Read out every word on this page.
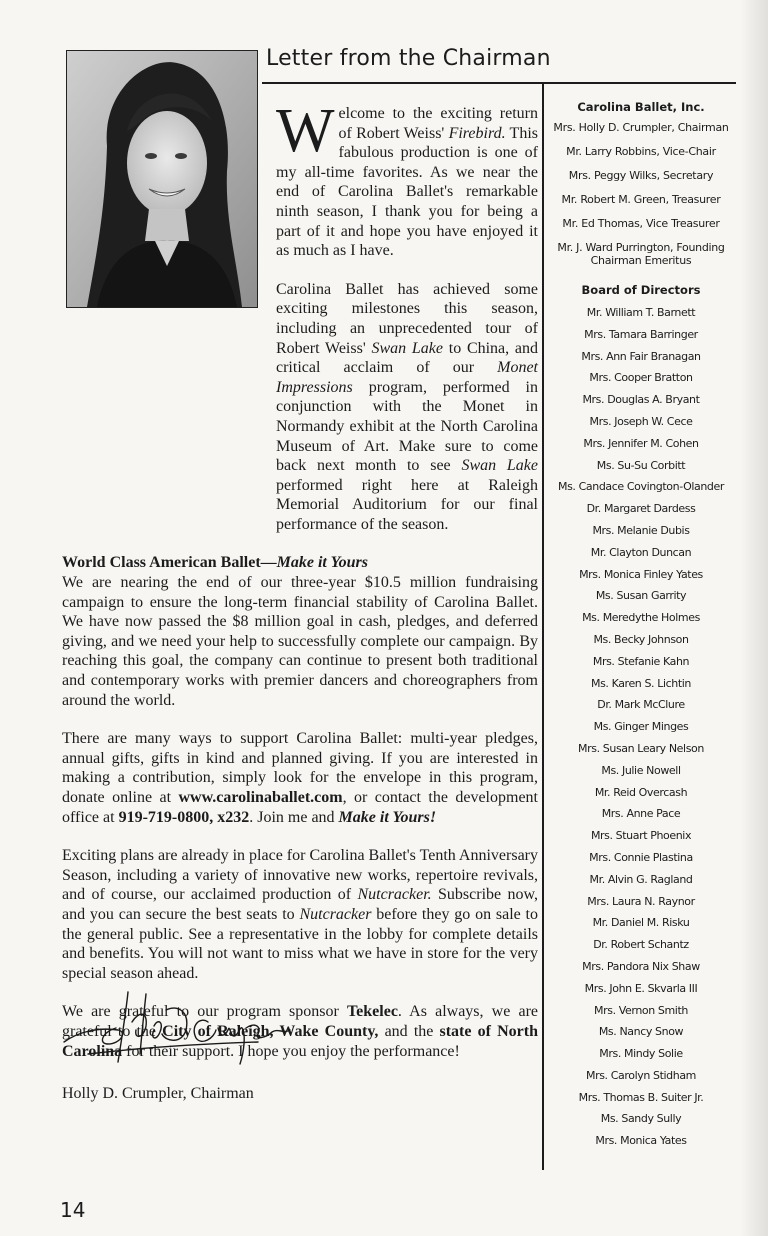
Letter from the Chairman

Welcome to the exciting return of Robert Weiss' Firebird. This fabulous production is one of my all-time favorites. As we near the end of Carolina Ballet's remarkable ninth season, I thank you for being a part of it and hope you have enjoyed it as much as I have.

Carolina Ballet has achieved some exciting milestones this season, including an unprecedented tour of Robert Weiss' Swan Lake to China, and critical acclaim of our Monet Impressions program, performed in conjunction with the Monet in Normandy exhibit at the North Carolina Museum of Art. Make sure to come back next month to see Swan Lake performed right here at Raleigh Memorial Auditorium for our final performance of the season.

World Class American Ballet—Make it Yours

We are nearing the end of our three-year $10.5 million fundraising campaign to ensure the long-term financial stability of Carolina Ballet. We have now passed the $8 million goal in cash, pledges, and deferred giving, and we need your help to successfully complete our campaign. By reaching this goal, the company can continue to present both traditional and contemporary works with premier dancers and choreographers from around the world.

There are many ways to support Carolina Ballet: multi-year pledges, annual gifts, gifts in kind and planned giving. If you are interested in making a contribution, simply look for the envelope in this program, donate online at www.carolinaballet.com, or contact the development office at 919-719-0800, x232. Join me and Make it Yours!

Exciting plans are already in place for Carolina Ballet's Tenth Anniversary Season, including a variety of innovative new works, repertoire revivals, and of course, our acclaimed production of Nutcracker. Subscribe now, and you can secure the best seats to Nutcracker before they go on sale to the general public. See a representative in the lobby for complete details and benefits. You will not want to miss what we have in store for the very special season ahead.

We are grateful to our program sponsor Tekelec. As always, we are grateful to the City of Raleigh, Wake County, and the state of North Carolina for their support. I hope you enjoy the performance!

Holly D. Crumpler, Chairman
14
Carolina Ballet, Inc.
Mrs. Holly D. Crumpler, Chairman
Mr. Larry Robbins, Vice-Chair
Mrs. Peggy Wilks, Secretary
Mr. Robert M. Green, Treasurer
Mr. Ed Thomas, Vice Treasurer
Mr. J. Ward Purrington, Founding Chairman Emeritus
Board of Directors
Mr. William T. Barnett
Mrs. Tamara Barringer
Mrs. Ann Fair Branagan
Mrs. Cooper Bratton
Mrs. Douglas A. Bryant
Mrs. Joseph W. Cece
Mrs. Jennifer M. Cohen
Ms. Su-Su Corbitt
Ms. Candace Covington-Olander
Dr. Margaret Dardess
Mrs. Melanie Dubis
Mr. Clayton Duncan
Mrs. Monica Finley Yates
Ms. Susan Garrity
Ms. Meredythe Holmes
Ms. Becky Johnson
Mrs. Stefanie Kahn
Ms. Karen S. Lichtin
Dr. Mark McClure
Ms. Ginger Minges
Mrs. Susan Leary Nelson
Ms. Julie Nowell
Mr. Reid Overcash
Mrs. Anne Pace
Mrs. Stuart Phoenix
Mrs. Connie Plastina
Mr. Alvin G. Ragland
Mrs. Laura N. Raynor
Mr. Daniel M. Risku
Dr. Robert Schantz
Mrs. Pandora Nix Shaw
Mrs. John E. Skvarla III
Mrs. Vernon Smith
Ms. Nancy Snow
Mrs. Mindy Solie
Mrs. Carolyn Stidham
Mrs. Thomas B. Suiter Jr.
Ms. Sandy Sully
Mrs. Monica Yates
